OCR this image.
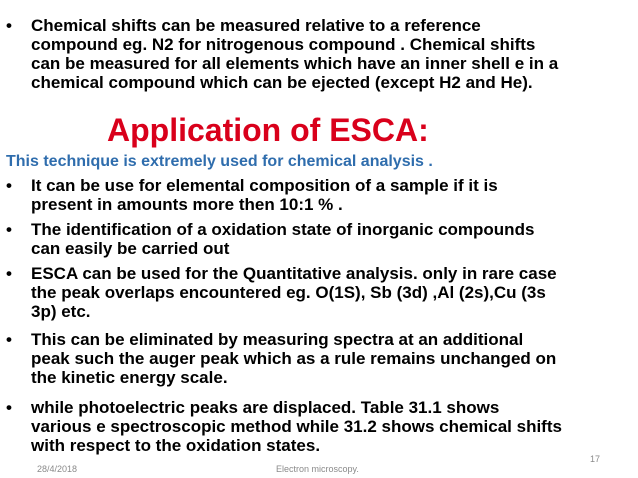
• Chemical shifts can be measured relative to a reference
compound eg. N2 for nitrogenous compound . Chemical shifts
can be measured for all elements which have an inner shell e in a
chemical compound which can be ejected (except H2 and He).
Application of ESCA:
This technique is extremely used for chemical analysis .
• It can be use for elemental composition of a sample if it is
present in amounts more then 10:1 % .
• The identification of a oxidation state of inorganic compounds
can easily be carried out
• ESCA can be used for the Quantitative analysis. only in rare case
the peak overlaps encountered eg. O(1S), Sb (3d) ,Al (2s),Cu (3s
3p) etc.
• This can be eliminated by measuring spectra at an additional
peak such the auger peak which as a rule remains unchanged on
the kinetic energy scale.
• while photoelectric peaks are displaced. Table 31.1 shows
various e spectroscopic method while 31.2 shows chemical shifts
with respect to the oxidation states.
28/4/2018	Electron microscopy.
17
